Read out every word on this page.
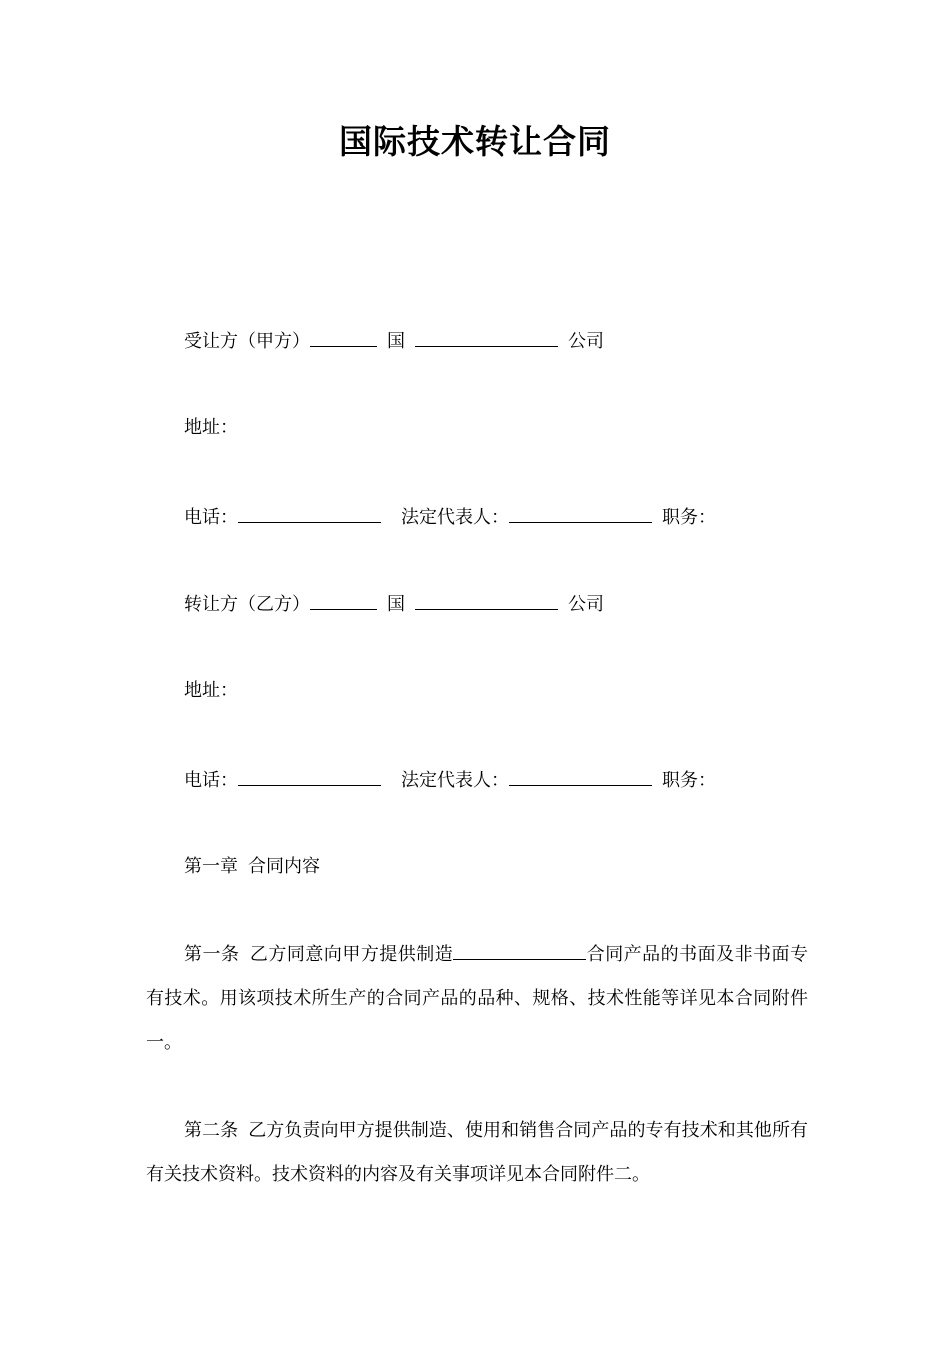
国际技术转让合同
受让方（甲方）	国	公司
地址：
电话：	法定代表人：	职务：
转让方（乙方）	国	公司
地址：
电话：	法定代表人：	职务：
第一章 合同内容
第一条 乙方同意向甲方提供制造	合同产品的书面及非书面专有技术。用该项技术所生产的合同产品的品种、规格、技术性能等详见本合同附件一。
第二条 乙方负责向甲方提供制造、使用和销售合同产品的专有技术和其他所有有关技术资料。技术资料的内容及有关事项详见本合同附件二。
